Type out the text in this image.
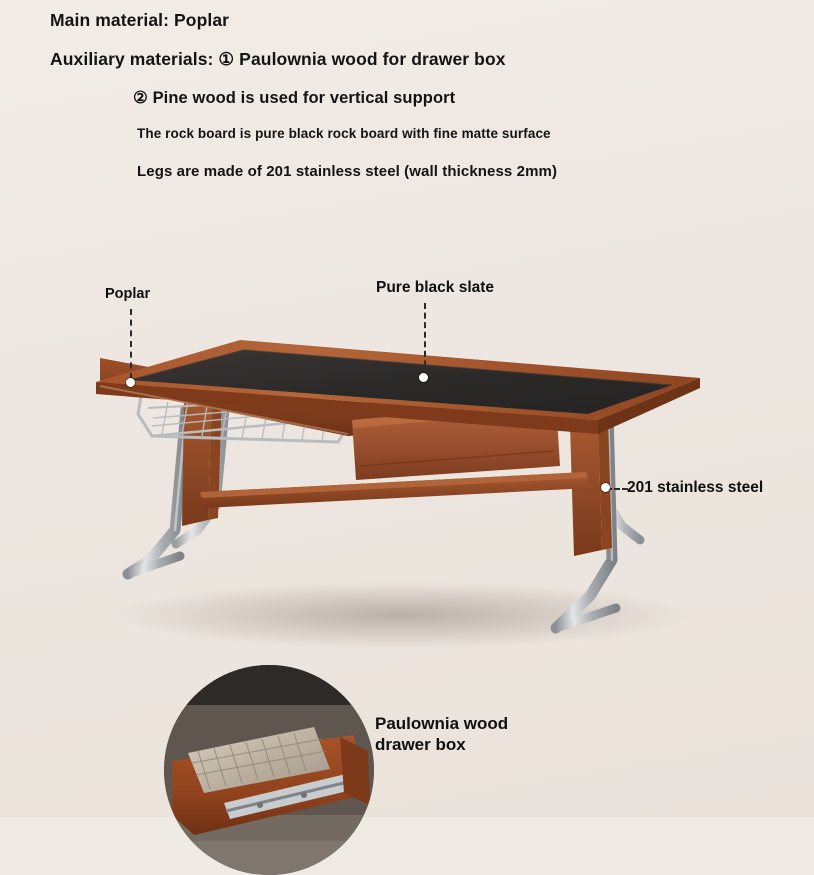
Main material: Poplar
Auxiliary materials: ① Paulownia wood for drawer box
② Pine wood is used for vertical support
The rock board is pure black rock board with fine matte surface
Legs are made of 201 stainless steel (wall thickness 2mm)
Poplar	Pure black slate
201 stainless steel
Paulownia wood
drawer box
